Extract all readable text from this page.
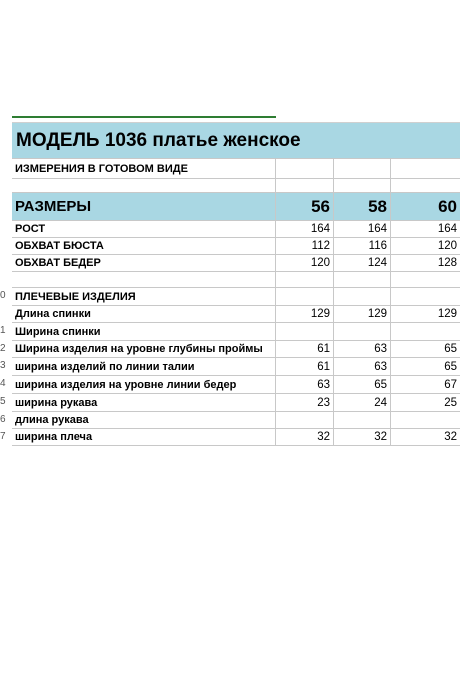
МОДЕЛЬ 1036 платье женское
ИЗМЕРЕНИЯ В ГОТОВОМ ВИДЕ
РАЗМЕРЫ	56	58	60
РОСТ	164	164	164
ОБХВАТ БЮСТА	112	116	120
ОБХВАТ БЕДЕР	120	124	128
0 ПЛЕЧЕВЫЕ ИЗДЕЛИЯ
Длина спинки	129	129	129
1 Ширина спинки
2 Ширина изделия на уровне глубины проймы	61	63	65
3 ширина изделий по линии талии	61	63	65
4 ширина изделия на уровне линии бедер	63	65	67
5 ширина рукава	23	24	25
6 длина рукава
7 ширина плеча	32	32	32
